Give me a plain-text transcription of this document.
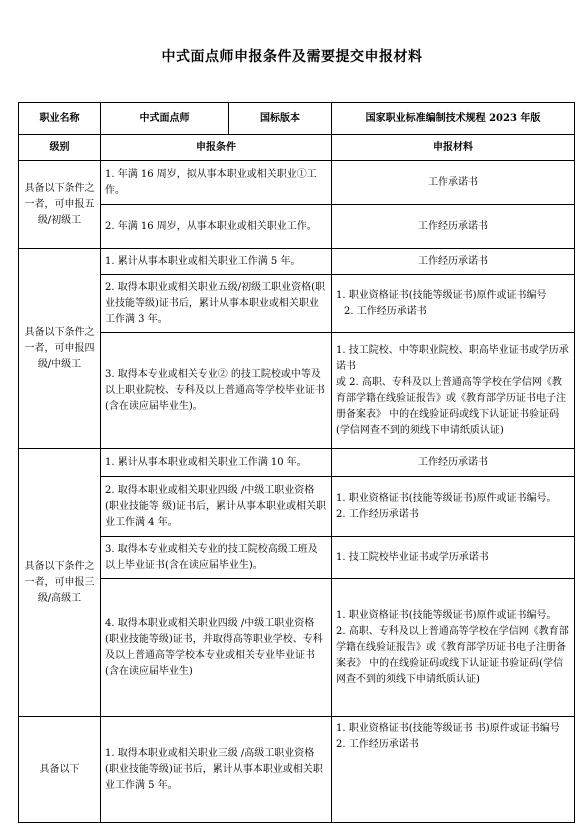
中式面点师申报条件及需要提交申报材料
职业名称	中式面点师	国标版本	国家职业标准编制技术规程 2023 年版
级别	申报条件		申报材料
具备以下条件之一者，可申报五级/初级工	1. 年满 16 周岁，拟从事本职业或相关职业①工作。		工作承诺书
	2. 年满 16 周岁，从事本职业或相关职业工作。		工作经历承诺书
具备以下条件之一者，可申报四级/中级工	1. 累计从事本职业或相关职业工作满 5 年。		工作经历承诺书
	2. 取得本职业或相关职业五级/初级工职业资格(职业技能等级)证书后，累计从事本职业或相关职业工作满 3 年。		1. 职业资格证书(技能等级证书)原件或证书编号
2. 工作经历承诺书

	3. 取得本专业或相关专业② 的技工院校或中等及以上职业院校、专科及以上普通高等学校毕业证书(含在读应届毕业生)。		1. 技工院校、中等职业院校、职高毕业证书或学历承诺书
或 2. 高职、专科及以上普通高等学校在学信网《教育部学籍在线验证报告》或《教育部学历证书电子注册备案表》 中的在线验证码或线下认证证书验证码(学信网查不到的须线下申请纸质认证)

具备以下条件之一者，可申报三级/高级工	1. 累计从事本职业或相关职业工作满 10 年。		工作经历承诺书
	2. 取得本职业或相关职业四级 /中级工职业资格(职业技能等 级)证书后，累计从事本职业或相关职业工作满 4 年。		1. 职业资格证书(技能等级证书)原件或证书编号。
2. 工作经历承诺书

	3. 取得本专业或相关专业的技工院校高级工班及以上毕业证书(含在读应届毕业生)。		1. 技工院校毕业证书或学历承诺书
	4. 取得本职业或相关职业四级 /中级工职业资格(职业技能等级)证书，并取得高等职业学校、专科及以上普通高等学校本专业或相关专业毕业证书(含在读应届毕业生)		1. 职业资格证书(技能等级证书)原件或证书编号。
2. 高职、专科及以上普通高等学校在学信网《教育部学籍在线验证报告》或《教育部学历证书电子注册备案表》 中的在线验证码或线下认证证书验证码(学信网查不到的须线下申请纸质认证)

具备以下	1. 取得本职业或相关职业三级 /高级工职业资格(职业技能等级)证书后，累计从事本职业或相关职业工作满 5 年。		1. 职业资格证书(技能等级证书 书)原件或证书编号
2. 工作经历承诺书
